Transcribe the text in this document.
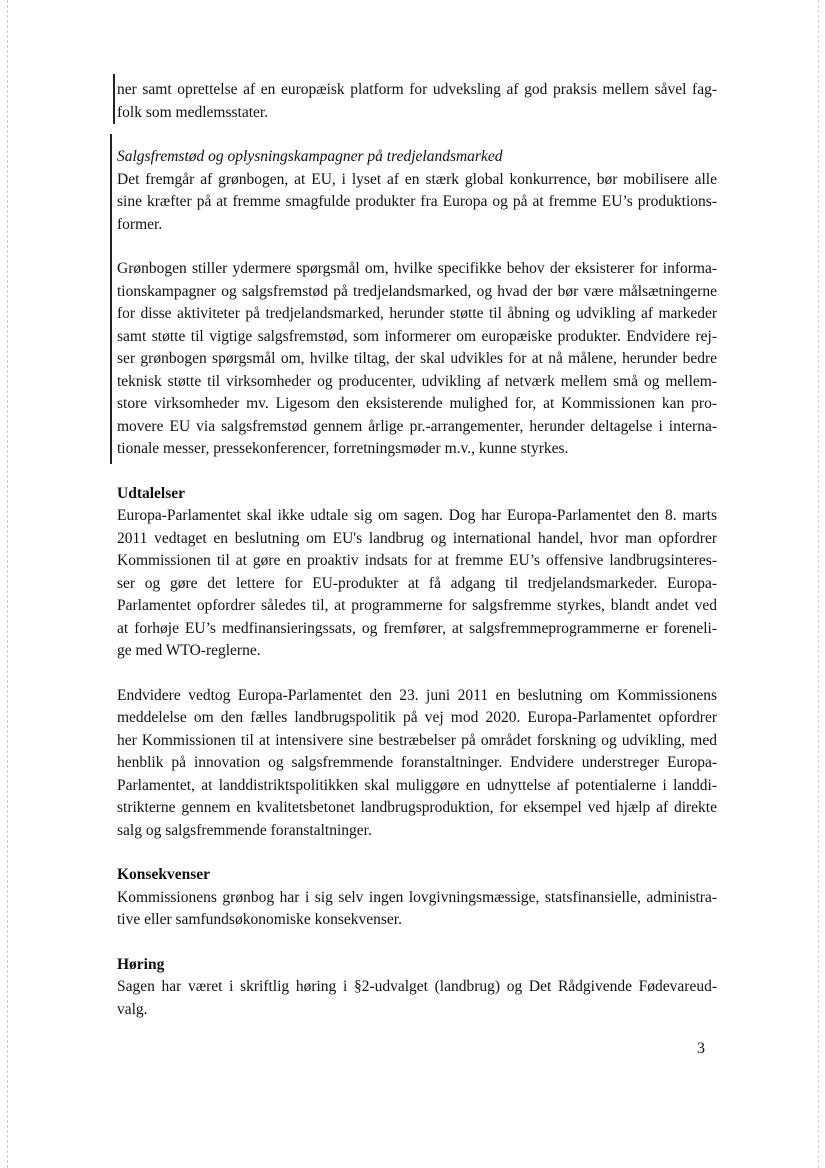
ner samt oprettelse af en europæisk platform for udveksling af god praksis mellem såvel fag-
folk som medlemsstater.

Salgsfremstød og oplysningskampagner på tredjelandsmarked
Det fremgår af grønbogen, at EU, i lyset af en stærk global konkurrence, bør mobilisere alle
sine kræfter på at fremme smagfulde produkter fra Europa og på at fremme EU’s produktions-
former.

Grønbogen stiller ydermere spørgsmål om, hvilke specifikke behov der eksisterer for informa-
tionskampagner og salgsfremstød på tredjelandsmarked, og hvad der bør være målsætningerne
for disse aktiviteter på tredjelandsmarked, herunder støtte til åbning og udvikling af markeder
samt støtte til vigtige salgsfremstød, som informerer om europæiske produkter. Endvidere rej-
ser grønbogen spørgsmål om, hvilke tiltag, der skal udvikles for at nå målene, herunder bedre
teknisk støtte til virksomheder og producenter, udvikling af netværk mellem små og mellem-
store virksomheder mv. Ligesom den eksisterende mulighed for, at Kommissionen kan pro-
movere EU via salgsfremstød gennem årlige pr.-arrangementer, herunder deltagelse i interna-
tionale messer, pressekonferencer, forretningsmøder m.v., kunne styrkes.

Udtalelser
Europa-Parlamentet skal ikke udtale sig om sagen. Dog har Europa-Parlamentet den 8. marts
2011 vedtaget en beslutning om EU's landbrug og international handel, hvor man opfordrer
Kommissionen til at gøre en proaktiv indsats for at fremme EU’s offensive landbrugsinteres-
ser og gøre det lettere for EU-produkter at få adgang til tredjelandsmarkeder. Europa-
Parlamentet opfordrer således til, at programmerne for salgsfremme styrkes, blandt andet ved
at forhøje EU’s medfinansieringssats, og fremfører, at salgsfremmeprogrammerne er foreneli-
ge med WTO-reglerne.

Endvidere vedtog Europa-Parlamentet den 23. juni 2011 en beslutning om Kommissionens
meddelelse om den fælles landbrugspolitik på vej mod 2020. Europa-Parlamentet opfordrer
her Kommissionen til at intensivere sine bestræbelser på området forskning og udvikling, med
henblik på innovation og salgsfremmende foranstaltninger. Endvidere understreger Europa-
Parlamentet, at landdistriktspolitikken skal muliggøre en udnyttelse af potentialerne i landdi-
strikterne gennem en kvalitetsbetonet landbrugsproduktion, for eksempel ved hjælp af direkte
salg og salgsfremmende foranstaltninger.

Konsekvenser
Kommissionens grønbog har i sig selv ingen lovgivningsmæssige, statsfinansielle, administra-
tive eller samfundsøkonomiske konsekvenser.

Høring
Sagen har været i skriftlig høring i §2-udvalget (landbrug) og Det Rådgivende Fødevareud-
valg.

3
